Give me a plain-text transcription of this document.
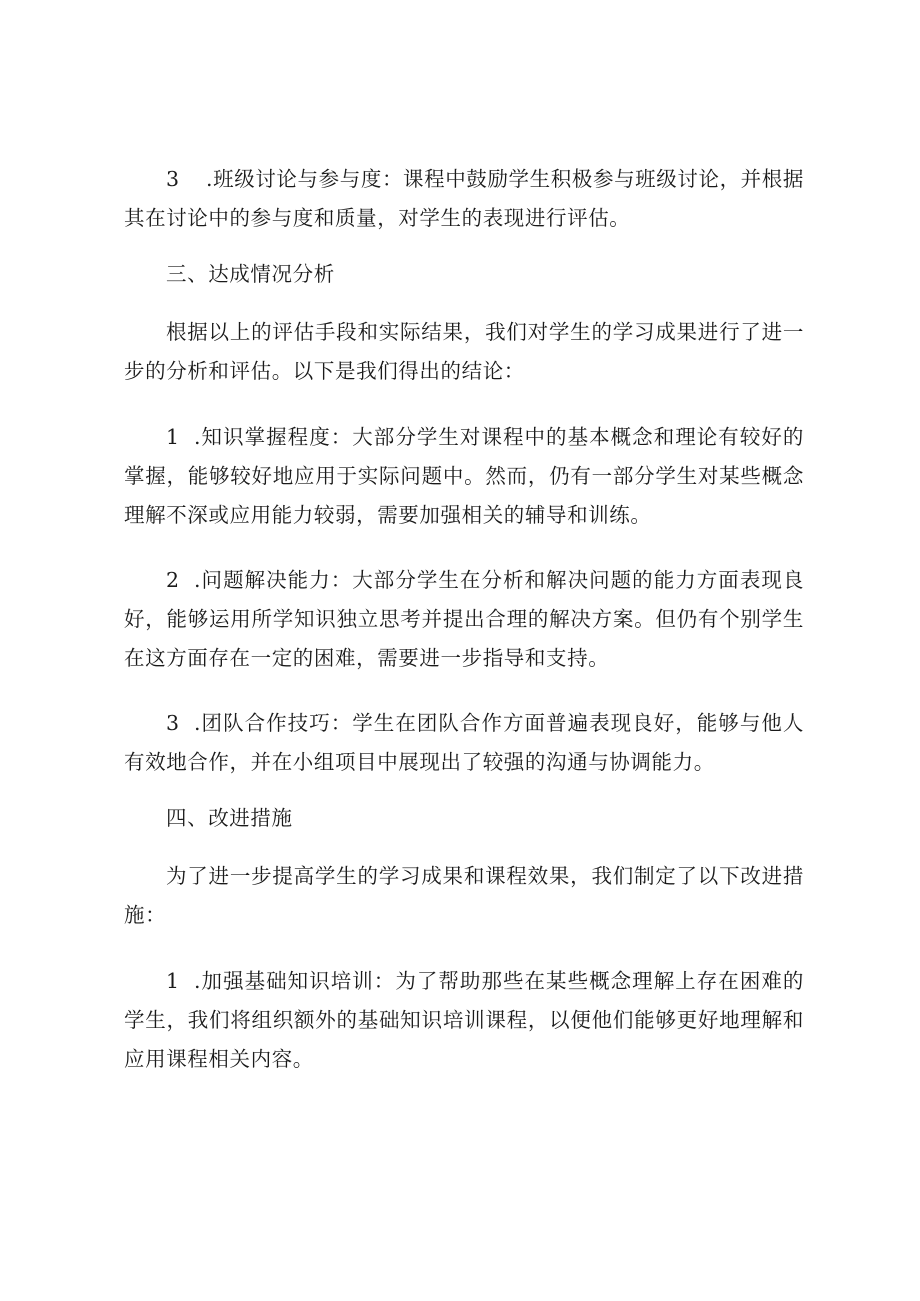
3 .班级讨论与参与度：课程中鼓励学生积极参与班级讨论，并根据其在讨论中的参与度和质量，对学生的表现进行评估。

三、达成情况分析

根据以上的评估手段和实际结果，我们对学生的学习成果进行了进一步的分析和评估。以下是我们得出的结论：

1 .知识掌握程度：大部分学生对课程中的基本概念和理论有较好的掌握，能够较好地应用于实际问题中。然而，仍有一部分学生对某些概念理解不深或应用能力较弱，需要加强相关的辅导和训练。

2 .问题解决能力：大部分学生在分析和解决问题的能力方面表现良好，能够运用所学知识独立思考并提出合理的解决方案。但仍有个别学生在这方面存在一定的困难，需要进一步指导和支持。

3 .团队合作技巧：学生在团队合作方面普遍表现良好，能够与他人有效地合作，并在小组项目中展现出了较强的沟通与协调能力。

四、改进措施

为了进一步提高学生的学习成果和课程效果，我们制定了以下改进措施：

1 .加强基础知识培训：为了帮助那些在某些概念理解上存在困难的学生，我们将组织额外的基础知识培训课程，以便他们能够更好地理解和应用课程相关内容。
